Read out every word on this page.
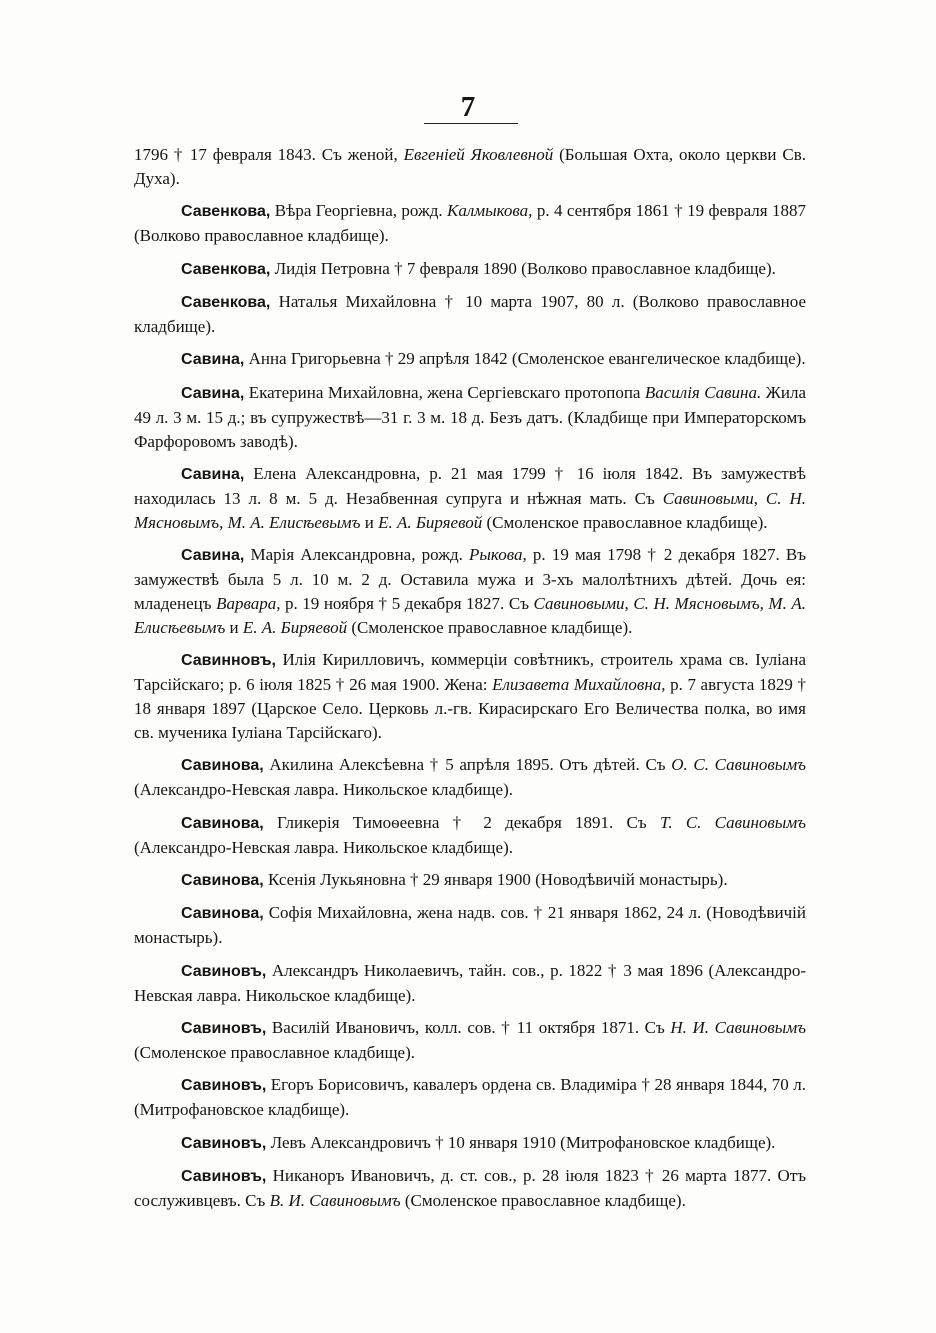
7

1796 † 17 февраля 1843. Съ женой, Евгеніей Яковлевной (Большая Охта, около церкви Св. Духа).

Савенкова, Вѣра Георгіевна, рожд. Калмыкова, р. 4 сентября 1861 † 19 февраля 1887 (Волково православное кладбище).

Савенкова, Лидія Петровна † 7 февраля 1890 (Волково православное кладбище).

Савенкова, Наталья Михайловна † 10 марта 1907, 80 л. (Волково православное кладбище).

Савина, Анна Григорьевна † 29 апрѣля 1842 (Смоленское евангелическое кладбище).

Савина, Екатерина Михайловна, жена Сергіевскаго протопопа Василія Савина. Жила 49 л. 3 м. 15 д.; въ супружествѣ—31 г. 3 м. 18 д. Безъ датъ. (Кладбище при Императорскомъ Фарфоровомъ заводѣ).

Савина, Елена Александровна, р. 21 мая 1799 † 16 іюля 1842. Въ замужествѣ находилась 13 л. 8 м. 5 д. Незабвенная супруга и нѣжная мать. Съ Савиновыми, С. Н. Мясновымъ, М. А. Елисѣевымъ и Е. А. Биряевой (Смоленское православное кладбище).

Савина, Марія Александровна, рожд. Рыкова, р. 19 мая 1798 † 2 декабря 1827. Въ замужествѣ была 5 л. 10 м. 2 д. Оставила мужа и 3-хъ малолѣтнихъ дѣтей. Дочь ея: младенецъ Варвара, р. 19 ноября † 5 декабря 1827. Съ Савиновыми, С. Н. Мясновымъ, М. А. Елисѣевымъ и Е. А. Биряевой (Смоленское православное кладбище).

Савинновъ, Илія Кирилловичъ, коммерціи совѣтникъ, строитель храма св. Іуліана Тарсійскаго; р. 6 іюля 1825 † 26 мая 1900. Жена: Елизавета Михайловна, р. 7 августа 1829 † 18 января 1897 (Царское Село. Церковь л.-гв. Кирасирскаго Его Величества полка, во имя св. мученика Іуліана Тарсійскаго).

Савинова, Акилина Алексѣевна † 5 апрѣля 1895. Отъ дѣтей. Съ О. С. Савиновымъ (Александро-Невская лавра. Никольское кладбище).

Савинова, Гликерія Тимоѳеевна † 2 декабря 1891. Съ Т. С. Савиновымъ (Александро-Невская лавра. Никольское кладбище).

Савинова, Ксенія Лукьяновна † 29 января 1900 (Новодѣвичій монастырь).

Савинова, Софія Михайловна, жена надв. сов. † 21 января 1862, 24 л. (Новодѣвичій монастырь).

Савиновъ, Александръ Николаевичъ, тайн. сов., р. 1822 † 3 мая 1896 (Александро-Невская лавра. Никольское кладбище).

Савиновъ, Василій Ивановичъ, колл. сов. † 11 октября 1871. Съ Н. И. Савиновымъ (Смоленское православное кладбище).

Савиновъ, Егоръ Борисовичъ, кавалеръ ордена св. Владиміра † 28 января 1844, 70 л. (Митрофановское кладбище).

Савиновъ, Левъ Александровичъ † 10 января 1910 (Митрофановское кладбище).

Савиновъ, Никаноръ Ивановичъ, д. ст. сов., р. 28 іюля 1823 † 26 марта 1877. Отъ сослуживцевъ. Съ В. И. Савиновымъ (Смоленское православное кладбище).
